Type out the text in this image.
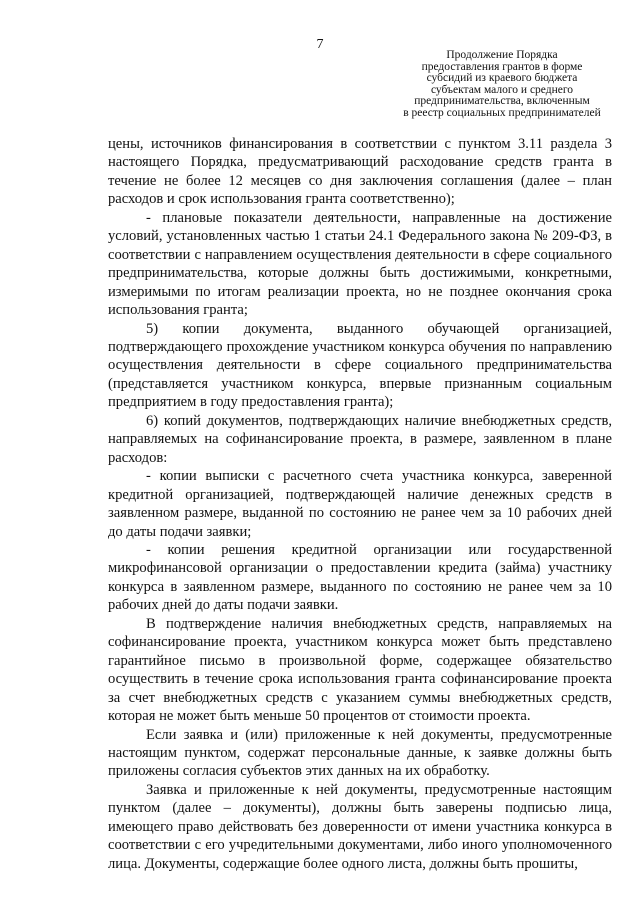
7
Продолжение Порядка
предоставления грантов в форме
субсидий из краевого бюджета
субъектам малого и среднего
предпринимательства, включенным
в реестр социальных предпринимателей

цены, источников финансирования в соответствии с пунктом 3.11 раздела 3 настоящего Порядка, предусматривающий расходование средств гранта в течение не более 12 месяцев со дня заключения соглашения (далее – план расходов и срок использования гранта соответственно);

- плановые показатели деятельности, направленные на достижение условий, установленных частью 1 статьи 24.1 Федерального закона № 209-ФЗ, в соответствии с направлением осуществления деятельности в сфере социального предпринимательства, которые должны быть достижимыми, конкретными, измеримыми по итогам реализации проекта, но не позднее окончания срока использования гранта;

5) копии документа, выданного обучающей организацией, подтверждающего прохождение участником конкурса обучения по направлению осуществления деятельности в сфере социального предпринимательства (представляется участником конкурса, впервые признанным социальным предприятием в году предоставления гранта);

6) копий документов, подтверждающих наличие внебюджетных средств, направляемых на софинансирование проекта, в размере, заявленном в плане расходов:

- копии выписки с расчетного счета участника конкурса, заверенной кредитной организацией, подтверждающей наличие денежных средств в заявленном размере, выданной по состоянию не ранее чем за 10 рабочих дней до даты подачи заявки;

- копии решения кредитной организации или государственной микрофинансовой организации о предоставлении кредита (займа) участнику конкурса в заявленном размере, выданного по состоянию не ранее чем за 10 рабочих дней до даты подачи заявки.

В подтверждение наличия внебюджетных средств, направляемых на софинансирование проекта, участником конкурса может быть представлено гарантийное письмо в произвольной форме, содержащее обязательство осуществить в течение срока использования гранта софинансирование проекта за счет внебюджетных средств с указанием суммы внебюджетных средств, которая не может быть меньше 50 процентов от стоимости проекта.

Если заявка и (или) приложенные к ней документы, предусмотренные настоящим пунктом, содержат персональные данные, к заявке должны быть приложены согласия субъектов этих данных на их обработку.

Заявка и приложенные к ней документы, предусмотренные настоящим пунктом (далее – документы), должны быть заверены подписью лица, имеющего право действовать без доверенности от имени участника конкурса в соответствии с его учредительными документами, либо иного уполномоченного лица. Документы, содержащие более одного листа, должны быть прошиты,
